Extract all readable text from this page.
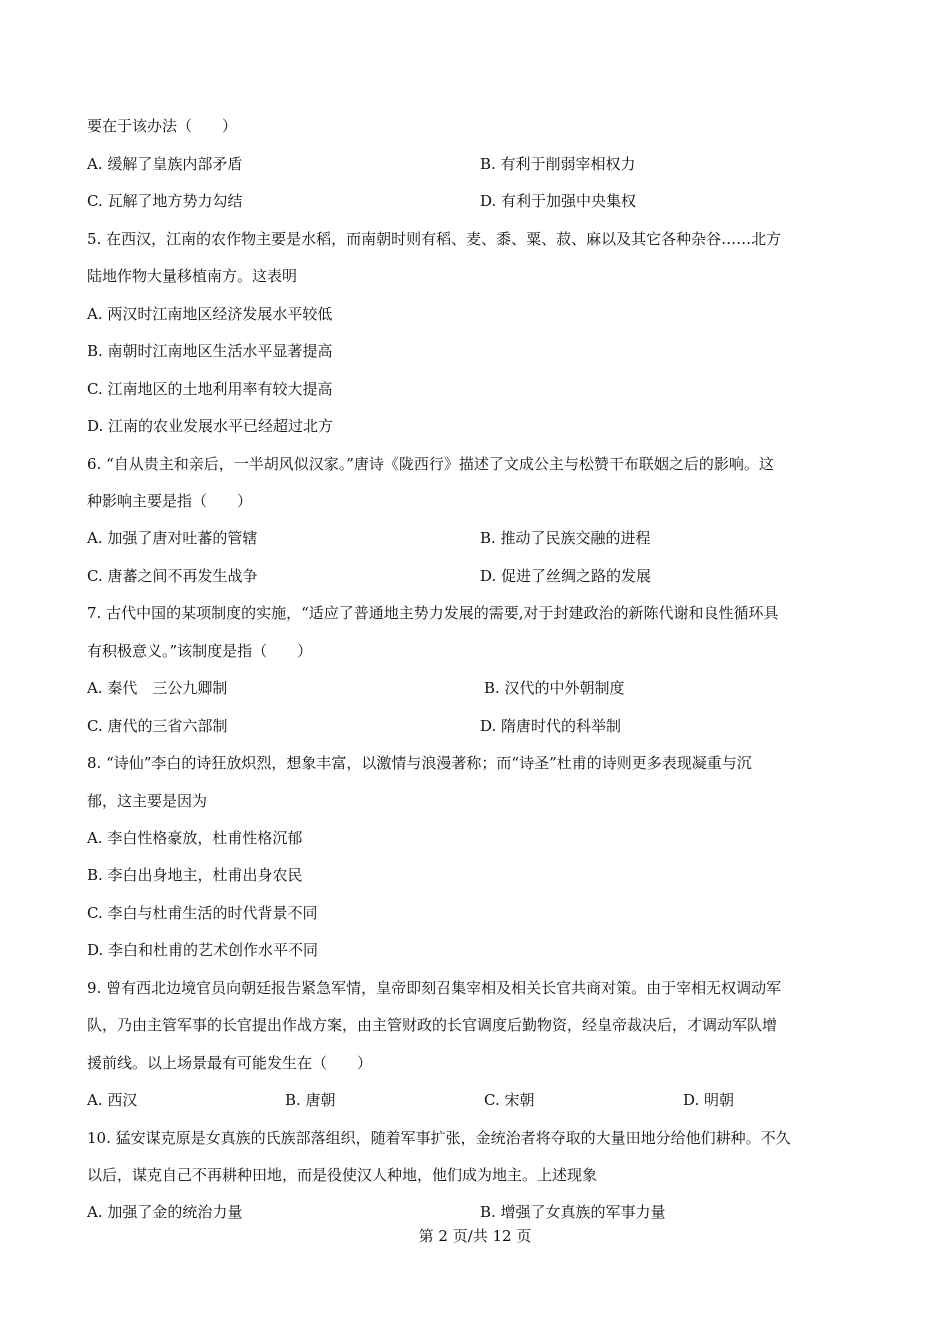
要在于该办法（　　）
A. 缓解了皇族内部矛盾	B. 有利于削弱宰相权力
C. 瓦解了地方势力勾结	D. 有利于加强中央集权
5. 在西汉，江南的农作物主要是水稻，而南朝时则有稻、麦、黍、粟、菽、麻以及其它各种杂谷……北方
陆地作物大量移植南方。这表明
A. 两汉时江南地区经济发展水平较低
B. 南朝时江南地区生活水平显著提高
C. 江南地区的土地利用率有较大提高
D. 江南的农业发展水平已经超过北方
6. “自从贵主和亲后，一半胡风似汉家。”唐诗《陇西行》描述了文成公主与松赞干布联姻之后的影响。这
种影响主要是指（　　）
A. 加强了唐对吐蕃的管辖	B. 推动了民族交融的进程
C. 唐蕃之间不再发生战争	D. 促进了丝绸之路的发展
7. 古代中国的某项制度的实施，“适应了普通地主势力发展的需要,对于封建政治的新陈代谢和良性循环具
有积极意义。”该制度是指（　　）
A. 秦代　三公九卿制	B. 汉代的中外朝制度
C. 唐代的三省六部制	D. 隋唐时代的科举制
8. “诗仙”李白的诗狂放炽烈，想象丰富，以激情与浪漫著称；而“诗圣”杜甫的诗则更多表现凝重与沉
郁，这主要是因为
A. 李白性格豪放，杜甫性格沉郁
B. 李白出身地主，杜甫出身农民
C. 李白与杜甫生活的时代背景不同
D. 李白和杜甫的艺术创作水平不同
9. 曾有西北边境官员向朝廷报告紧急军情，皇帝即刻召集宰相及相关长官共商对策。由于宰相无权调动军
队，乃由主管军事的长官提出作战方案，由主管财政的长官调度后勤物资，经皇帝裁决后，才调动军队增
援前线。以上场景最有可能发生在（　　）
A. 西汉	B. 唐朝	C. 宋朝	D. 明朝
10. 猛安谋克原是女真族的氏族部落组织，随着军事扩张，金统治者将夺取的大量田地分给他们耕种。不久
以后，谋克自己不再耕种田地，而是役使汉人种地，他们成为地主。上述现象
A. 加强了金的统治力量	B. 增强了女真族的军事力量
第 2 页/共 12 页
